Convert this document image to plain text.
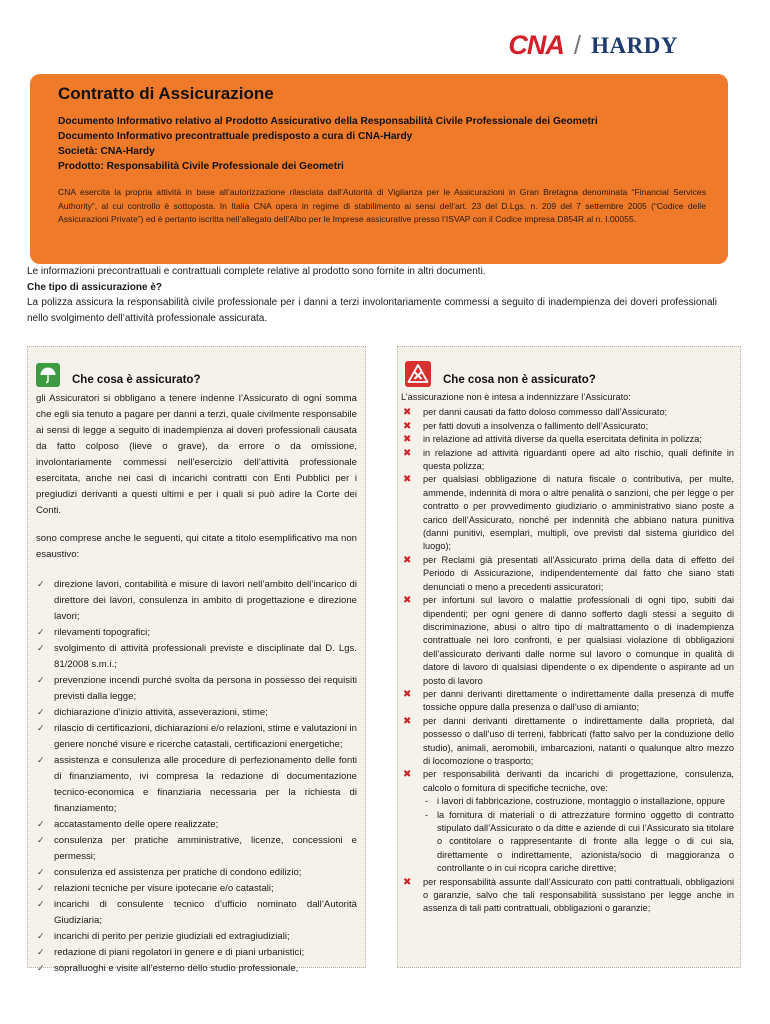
CNA / HARDY
Contratto di Assicurazione

Documento Informativo relativo al Prodotto Assicurativo della Responsabilità Civile Professionale dei Geometri

Documento Informativo precontrattuale predisposto a cura di CNA-Hardy

Società: CNA-Hardy

Prodotto: Responsabilità Civile Professionale dei Geometri

CNA esercita la propria attività in base all’autorizzazione rilasciata dall’Autorità di Vigilanza per le Assicurazioni in Gran Bretagna denominata “Financial Services Authority”, al cui controllo è sottoposta. In Italia CNA opera in regime di stabilimento ai sensi dell’art. 23 del D.Lgs. n. 209 del 7 settembre 2005 (“Codice delle Assicurazioni Private”) ed è pertanto iscritta nell’allegato dell’Albo per le Imprese assicurative presso l’ISVAP con il Codice impresa D854R al n. I.00055.

Le informazioni precontrattuali e contrattuali complete relative al prodotto sono fornite in altri documenti.

Che tipo di assicurazione è?

La polizza assicura la responsabilità civile professionale per i danni a terzi involontariamente commessi a seguito di inadempienza dei doveri professionali nello svolgimento dell’attività professionale assicurata.

Che cosa è assicurato?

gli Assicuratori si obbligano a tenere indenne l’Assicurato di ogni somma che egli sia tenuto a pagare per danni a terzi, quale civilmente responsabile ai sensi di legge a seguito di inadempienza ai doveri professionali causata da fatto colposo (lieve o grave), da errore o da omissione, involontariamente commessi nell’esercizio dell’attività professionale esercitata, anche nei casi di incarichi contratti con Enti Pubblici per i pregiudizi derivanti a questi ultimi e per i quali si può adire la Corte dei Conti.

sono comprese anche le seguenti, qui citate a titolo esemplificativo ma non esaustivo:

✓ direzione lavori, contabilità e misure di lavori nell’ambito dell’incarico di direttore dei lavori, consulenza in ambito di progettazione e direzione lavori;
✓ rilevamenti topografici;
✓ svolgimento di attività professionali previste e disciplinate dal D. Lgs. 81/2008 s.m.i.;
✓ prevenzione incendi purché svolta da persona in possesso dei requisiti previsti dalla legge;
✓ dichiarazione d’inizio attività, asseverazioni, stime;
✓ rilascio di certificazioni, dichiarazioni e/o relazioni, stime e valutazioni in genere nonché visure e ricerche catastali, certificazioni energetiche;
✓ assistenza e consulenza alle procedure di perfezionamento delle fonti di finanziamento, ivi compresa la redazione di documentazione tecnico-economica e finanziaria necessaria per la richiesta di finanziamento;
✓ accatastamento delle opere realizzate;
✓ consulenza per pratiche amministrative, licenze, concessioni e permessi;
✓ consulenza ed assistenza per pratiche di condono edilizio;
✓ relazioni tecniche per visure ipotecarie e/o catastali;
✓ incarichi di consulente tecnico d’ufficio nominato dall’Autorità Giudiziaria;
✓ incarichi di perito per perizie giudiziali ed extragiudiziali;
✓ redazione di piani regolatori in genere e di piani urbanistici;
✓ sopralluoghi e visite all’esterno dello studio professionale,
Che cosa non è assicurato?

L’assicurazione non è intesa a indennizzare l’Assicurato:

✖ per danni causati da fatto doloso commesso dall’Assicurato;
✖ per fatti dovuti a insolvenza o fallimento dell’Assicurato;
✖ in relazione ad attività diverse da quella esercitata definita in polizza;
✖ in relazione ad attività riguardanti opere ad alto rischio, quali definite in questa polizza;
✖ per qualsiasi obbligazione di natura fiscale o contributiva, per multe, ammende, indennità di mora o altre penalità o sanzioni, che per legge o per contratto o per provvedimento giudiziario o amministrativo siano poste a carico dell’Assicurato, nonché per indennità che abbiano natura punitiva (danni punitivi, esemplari, multipli, ove previsti dal sistema giuridico del luogo);
✖ per Reclami già presentati all’Assicurato prima della data di effetto del Periodo di Assicurazione, indipendentemente dal fatto che siano stati denunciati o meno a precedenti assicuratori;
✖ per infortuni sul lavoro o malattie professionali di ogni tipo, subiti dai dipendenti; per ogni genere di danno sofferto dagli stessi a seguito di discriminazione, abusi o altro tipo di maltrattamento o di inadempienza contrattuale nei loro confronti, e per qualsiasi violazione di obbligazioni dell’assicurato derivanti dalle norme sul lavoro o comunque in qualità di datore di lavoro di qualsiasi dipendente o ex dipendente o aspirante ad un posto di lavoro
✖ per danni derivanti direttamente o indirettamente dalla presenza di muffe tossiche oppure dalla presenza o dall’uso di amianto;
✖ per danni derivanti direttamente o indirettamente dalla proprietà, dal possesso o dall’uso di terreni, fabbricati (fatto salvo per la conduzione dello studio), animali, aeromobili, imbarcazioni, natanti o qualunque altro mezzo di locomozione o trasporto;
✖ per responsabilità derivanti da incarichi di progettazione, consulenza, calcolo o fornitura di specifiche tecniche, ove:
- i lavori di fabbricazione, costruzione, montaggio o installazione, oppure
- la fornitura di materiali o di attrezzature formino oggetto di contratto stipulato dall’Assicurato o da ditte e aziende di cui l’Assicurato sia titolare o contitolare o rappresentante di fronte alla legge o di cui sia, direttamente o indirettamente, azionista/socio di maggioranza o controllante o in cui ricopra cariche direttive;
✖ per responsabilità assunte dall’Assicurato con patti contrattuali, obbligazioni o garanzie, salvo che tali responsabilità sussistano per legge anche in assenza di tali patti contrattuali, obbligazioni o garanzie;
